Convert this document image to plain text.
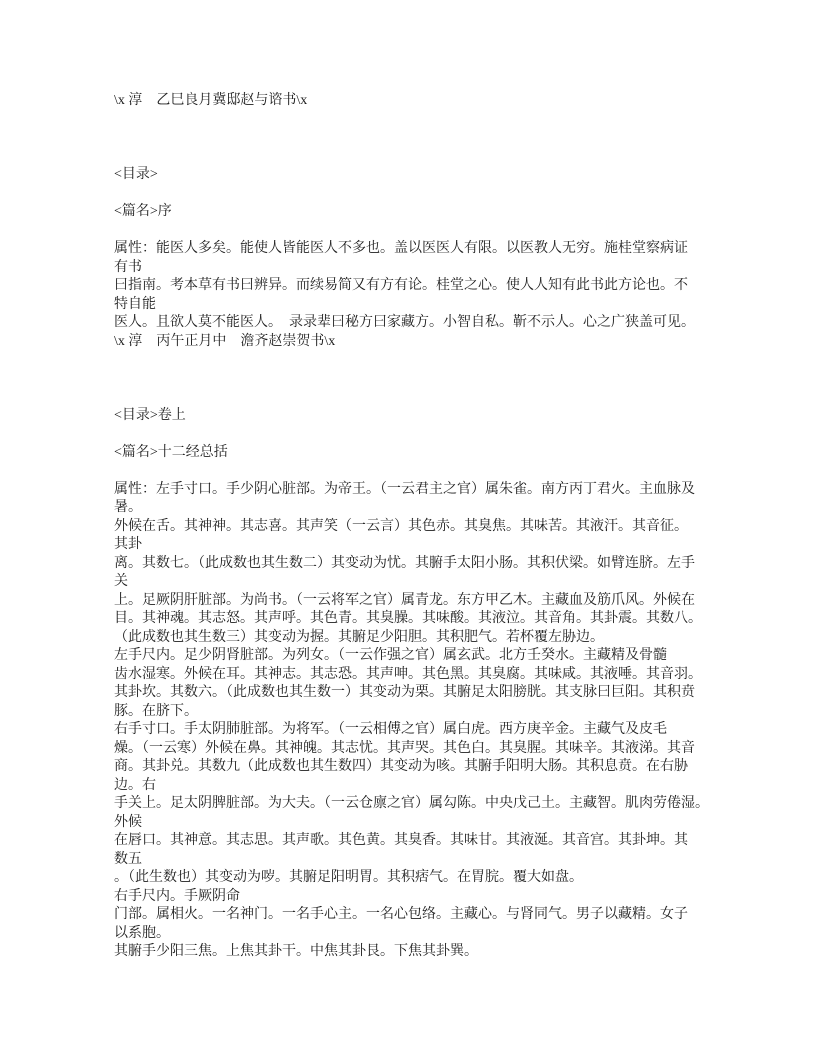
\x 淳　乙巳良月冀邸赵与谘书\x
<目录>
<篇名>序
属性：能医人多矣。能使人皆能医人不多也。盖以医医人有限。以医教人无穷。施桂堂察病证
有书
曰指南。考本草有书曰辨异。而续易简又有方有论。桂堂之心。使人人知有此书此方论也。不
特自能
医人。且欲人莫不能医人。　录录辈曰秘方曰家藏方。小智自私。靳不示人。心之广狭盖可见。
\x 淳　丙午正月中　澹齐赵崇贺书\x
<目录>卷上
<篇名>十二经总括
属性：左手寸口。手少阴心脏部。为帝王。（一云君主之官）属朱雀。南方丙丁君火。主血脉及
暑。
外候在舌。其神神。其志喜。其声笑（一云言）其色赤。其臭焦。其味苦。其液汗。其音征。
其卦
离。其数七。（此成数也其生数二）其变动为忧。其腑手太阳小肠。其积伏梁。如臂连脐。左手
关
上。足厥阴肝脏部。为尚书。（一云将军之官）属青龙。东方甲乙木。主藏血及筋爪风。外候在
目。其神魂。其志怒。其声呼。其色青。其臭臊。其味酸。其液泣。其音角。其卦震。其数八。
（此成数也其生数三）其变动为握。其腑足少阳胆。其积肥气。若杯覆左胁边。
左手尺内。足少阴肾脏部。为列女。（一云作强之官）属玄武。北方壬癸水。主藏精及骨髓
齿水湿寒。外候在耳。其神志。其志恐。其声呻。其色黑。其臭腐。其味咸。其液唾。其音羽。
其卦坎。其数六。（此成数也其生数一）其变动为栗。其腑足太阳膀胱。其支脉曰巨阳。其积贲
豚。在脐下。
右手寸口。手太阴肺脏部。为将军。（一云相傅之官）属白虎。西方庚辛金。主藏气及皮毛
燥。（一云寒）外候在鼻。其神魄。其志忧。其声哭。其色白。其臭腥。其味辛。其液涕。其音
商。其卦兑。其数九（此成数也其生数四）其变动为咳。其腑手阳明大肠。其积息贲。在右胁
边。右
手关上。足太阴脾脏部。为大夫。（一云仓廪之官）属勾陈。中央戊己土。主藏智。肌肉劳倦湿。
外候
在唇口。其神意。其志思。其声歌。其色黄。其臭香。其味甘。其液涎。其音宫。其卦坤。其
数五
。（此生数也）其变动为哕。其腑足阳明胃。其积痞气。在胃脘。覆大如盘。
右手尺内。手厥阴命
门部。属相火。一名神门。一名手心主。一名心包络。主藏心。与肾同气。男子以藏精。女子
以系胞。
其腑手少阳三焦。上焦其卦干。中焦其卦艮。下焦其卦巽。
